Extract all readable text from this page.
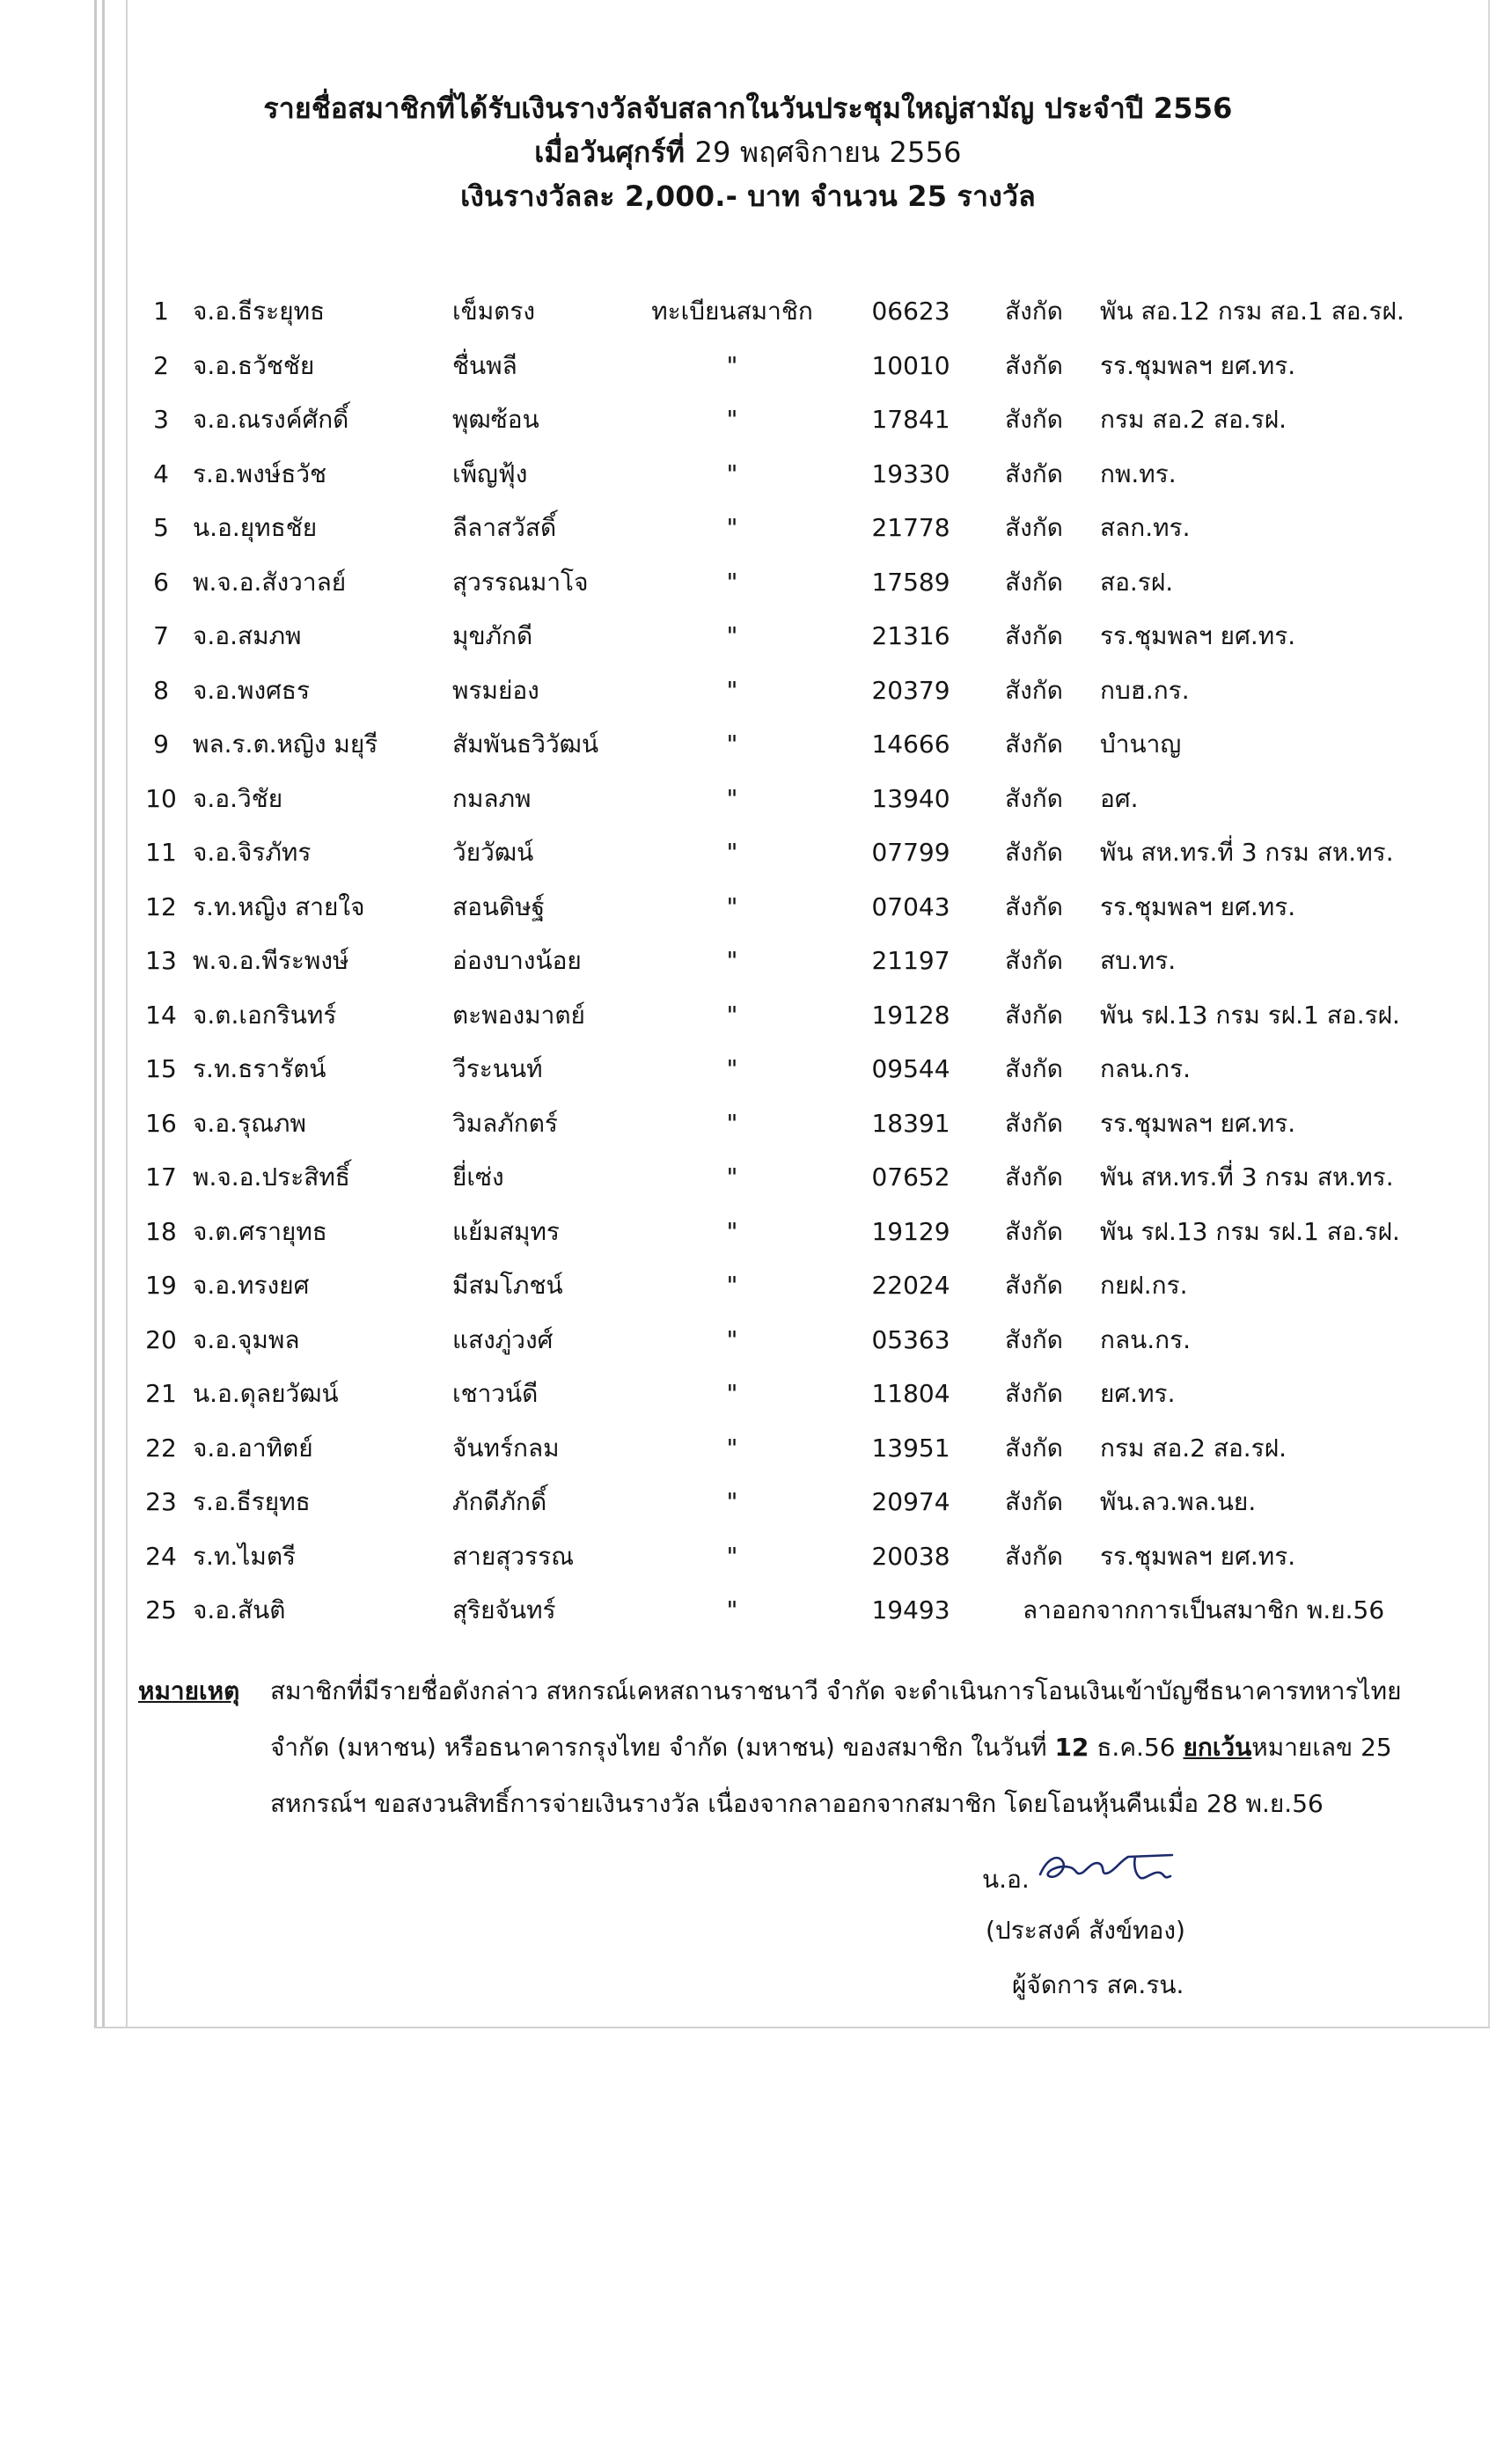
รายชื่อสมาชิกที่ได้รับเงินรางวัลจับสลากในวันประชุมใหญ่สามัญ ประจำปี 2556
เมื่อวันศุกร์ที่ 29 พฤศจิกายน 2556
เงินรางวัลละ 2,000.- บาท จำนวน 25 รางวัล
1 จ.อ.ธีระยุทธ	เข็มตรง	ทะเบียนสมาชิก	06623 สังกัด พัน สอ.12 กรม สอ.1 สอ.รฝ.
2 จ.อ.ธวัชชัย	ชื่นพลี	"	10010 สังกัด รร.ชุมพลฯ ยศ.ทร.
3 จ.อ.ณรงค์ศักดิ์	พุฒซ้อน	"	17841 สังกัด กรม สอ.2 สอ.รฝ.
4 ร.อ.พงษ์ธวัช	เพ็ญฟุ้ง	"	19330 สังกัด กพ.ทร.
5 น.อ.ยุทธชัย	ลีลาสวัสดิ์	"	21778 สังกัด สลก.ทร.
6 พ.จ.อ.สังวาลย์	สุวรรณมาโจ	"	17589 สังกัด สอ.รฝ.
7 จ.อ.สมภพ	มุขภักดี	"	21316 สังกัด รร.ชุมพลฯ ยศ.ทร.
8 จ.อ.พงศธร	พรมย่อง	"	20379 สังกัด กบฮ.กร.
9 พล.ร.ต.หญิง มยุรี	สัมพันธวิวัฒน์	"	14666 สังกัด บำนาญ
10 จ.อ.วิชัย	กมลภพ	"	13940 สังกัด อศ.
11 จ.อ.จิรภัทร	วัยวัฒน์	"	07799 สังกัด พัน สห.ทร.ที่ 3 กรม สห.ทร.
12 ร.ท.หญิง สายใจ	สอนดิษฐ์	"	07043 สังกัด รร.ชุมพลฯ ยศ.ทร.
13 พ.จ.อ.พีระพงษ์	อ่องบางน้อย	"	21197 สังกัด สบ.ทร.
14 จ.ต.เอกรินทร์	ตะพองมาตย์	"	19128 สังกัด พัน รฝ.13 กรม รฝ.1 สอ.รฝ.
15 ร.ท.ธรารัตน์	วีระนนท์	"	09544 สังกัด กลน.กร.
16 จ.อ.รุณภพ	วิมลภักตร์	"	18391 สังกัด รร.ชุมพลฯ ยศ.ทร.
17 พ.จ.อ.ประสิทธิ์	ยี่เซ่ง	"	07652 สังกัด พัน สห.ทร.ที่ 3 กรม สห.ทร.
18 จ.ต.ศรายุทธ	แย้มสมุทร	"	19129 สังกัด พัน รฝ.13 กรม รฝ.1 สอ.รฝ.
19 จ.อ.ทรงยศ	มีสมโภชน์	"	22024 สังกัด กยฝ.กร.
20 จ.อ.จุมพล	แสงภู่วงศ์	"	05363 สังกัด กลน.กร.
21 น.อ.ดุลยวัฒน์	เชาวน์ดี	"	11804 สังกัด ยศ.ทร.
22 จ.อ.อาทิตย์	จันทร์กลม	"	13951 สังกัด กรม สอ.2 สอ.รฝ.
23 ร.อ.ธีรยุทธ	ภักดีภักดิ์	"	20974 สังกัด พัน.ลว.พล.นย.
24 ร.ท.ไมตรี	สายสุวรรณ	"	20038 สังกัด รร.ชุมพลฯ ยศ.ทร.
25 จ.อ.สันติ	สุริยจันทร์	"	19493	ลาออกจากการเป็นสมาชิก พ.ย.56
หมายเหตุ สมาชิกที่มีรายชื่อดังกล่าว สหกรณ์เคหสถานราชนาวี จำกัด จะดำเนินการโอนเงินเข้าบัญชีธนาคารทหารไทย
จำกัด (มหาชน) หรือธนาคารกรุงไทย จำกัด (มหาชน) ของสมาชิก ในวันที่ 12 ธ.ค.56 ยกเว้นหมายเลข 25
สหกรณ์ฯ ขอสงวนสิทธิ์การจ่ายเงินรางวัล เนื่องจากลาออกจากสมาชิก โดยโอนหุ้นคืนเมื่อ 28 พ.ย.56
น.อ.
(ประสงค์ สังข์ทอง)
ผู้จัดการ สค.รน.
